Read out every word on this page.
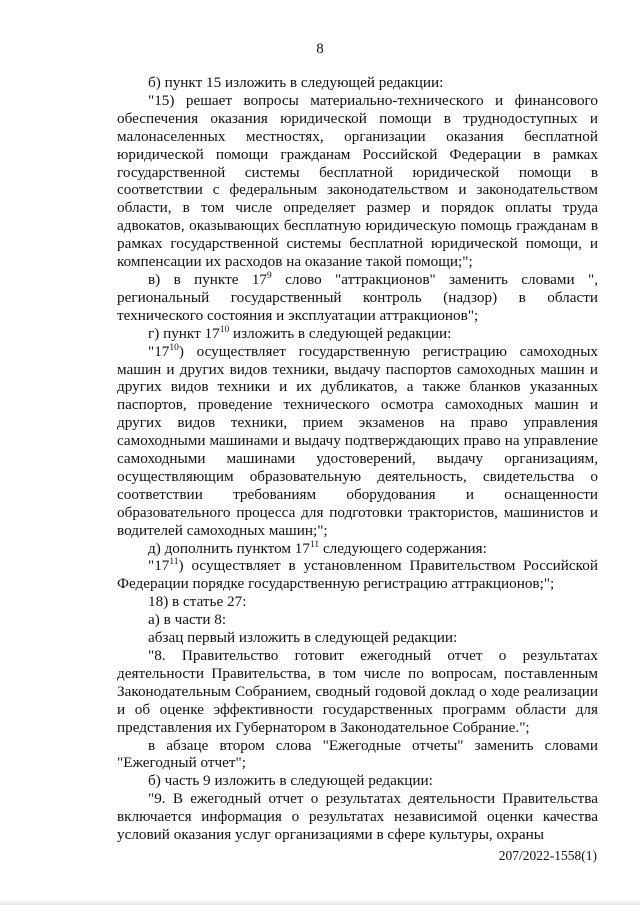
8

б) пункт 15 изложить в следующей редакции:

"15) решает вопросы материально-технического и финансового обеспечения оказания юридической помощи в труднодоступных и малонаселенных местностях, организации оказания бесплатной юридической помощи гражданам Российской Федерации в рамках государственной системы бесплатной юридической помощи в соответствии с федеральным законодательством и законодательством области, в том числе определяет размер и порядок оплаты труда адвокатов, оказывающих бесплатную юридическую помощь гражданам в рамках государственной системы бесплатной юридической помощи, и компенсации их расходов на оказание такой помощи;";

в) в пункте $17^9$ слово "аттракционов" заменить словами ", региональный государственный контроль (надзор) в области технического состояния и эксплуатации аттракционов";

г) пункт $17^{10}$ изложить в следующей редакции:

"$17^{10}$) осуществляет государственную регистрацию самоходных машин и других видов техники, выдачу паспортов самоходных машин и других видов техники и их дубликатов, а также бланков указанных паспортов, проведение технического осмотра самоходных машин и других видов техники, прием экзаменов на право управления самоходными машинами и выдачу подтверждающих право на управление самоходными машинами удостоверений, выдачу организациям, осуществляющим образовательную деятельность, свидетельства о соответствии требованиям оборудования и оснащенности образовательного процесса для подготовки трактористов, машинистов и водителей самоходных машин;";

д) дополнить пунктом $17^{11}$ следующего содержания:

"$17^{11}$) осуществляет в установленном Правительством Российской Федерации порядке государственную регистрацию аттракционов;";

18) в статье 27:

а) в части 8:

абзац первый изложить в следующей редакции:

"8. Правительство готовит ежегодный отчет о результатах деятельности Правительства, в том числе по вопросам, поставленным Законодательным Собранием, сводный годовой доклад о ходе реализации и об оценке эффективности государственных программ области для представления их Губернатором в Законодательное Собрание.";

в абзаце втором слова "Ежегодные отчеты" заменить словами "Ежегодный отчет";

б) часть 9 изложить в следующей редакции:

"9. В ежегодный отчет о результатах деятельности Правительства включается информация о результатах независимой оценки качества условий оказания услуг организациями в сфере культуры, охраны

207/2022-1558(1)
